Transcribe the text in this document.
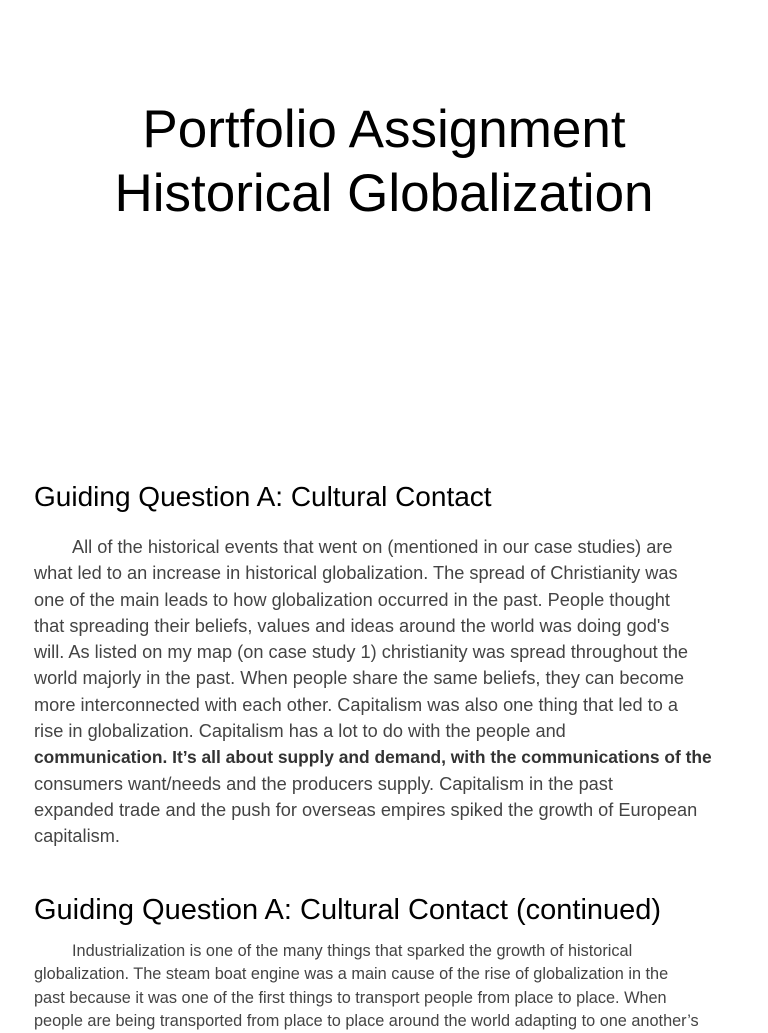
Portfolio Assignment
Historical Globalization
Guiding Question A: Cultural Contact

All of the historical events that went on (mentioned in our case studies) are
what led to an increase in historical globalization. The spread of Christianity was
one of the main leads to how globalization occurred in the past. People thought
that spreading their beliefs, values and ideas around the world was doing god's
will. As listed on my map (on case study 1) christianity was spread throughout the
world majorly in the past. When people share the same beliefs, they can become
more interconnected with each other. Capitalism was also one thing that led to a
rise in globalization. Capitalism has a lot to do with the people and
communication. It’s all about supply and demand, with the communications of the
consumers want/needs and the producers supply. Capitalism in the past
expanded trade and the push for overseas empires spiked the growth of European
capitalism.

Guiding Question A: Cultural Contact (continued)

Industrialization is one of the many things that sparked the growth of historical
globalization. The steam boat engine was a main cause of the rise of globalization in the
past because it was one of the first things to transport people from place to place. When
people are being transported from place to place around the world adapting to one another’s
